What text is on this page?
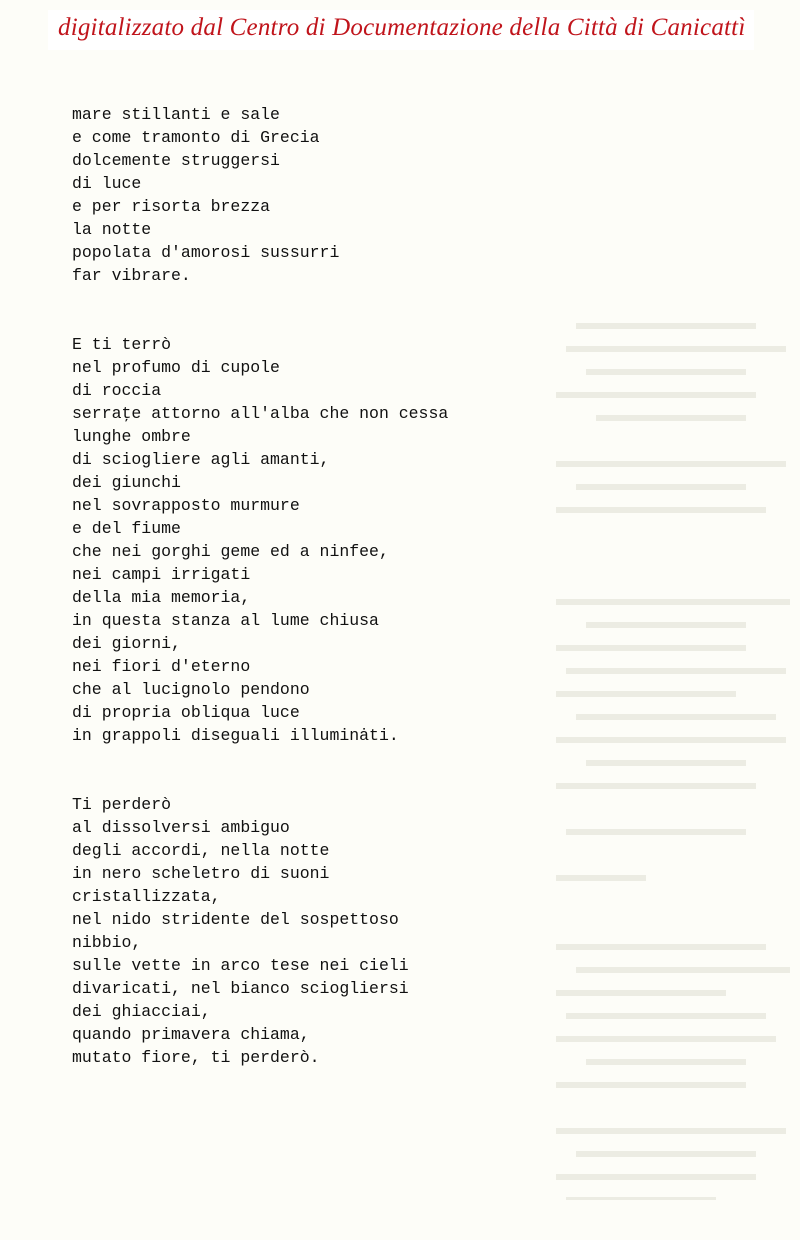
digitalizzato dal Centro di Documentazione della Città di Canicattì
mare stillanti e sale
e come tramonto di Grecia
dolcemente struggersi
di luce
e per risorta brezza
la notte
popolata d'amorosi sussurri
far vibrare.
E ti terrò
nel profumo di cupole
di roccia
serraţe attorno all'alba che non cessa
lunghe ombre
di sciogliere agli amanti,
dei giunchi
nel sovrapposto murmure
e del fiume
che nei gorghi geme ed a ninfee,
nei campi irrigati
della mia memoria,
in questa stanza al lume chiusa
dei giorni,
nei fiori d'eterno
che al lucignolo pendono
di propria obliqua luce
in grappoli diseguali illuminȧti.
Ti perderò
al dissolversi ambiguo
degli accordi, nella notte
in nero scheletro di suoni
cristallizzata,
nel nido stridente del sospettoso
nibbio,
sulle vette in arco tese nei cieli
divaricati, nel bianco sciogliersi
dei ghiacciai,
quando primavera chiama,
mutato fiore, ti perderò.
